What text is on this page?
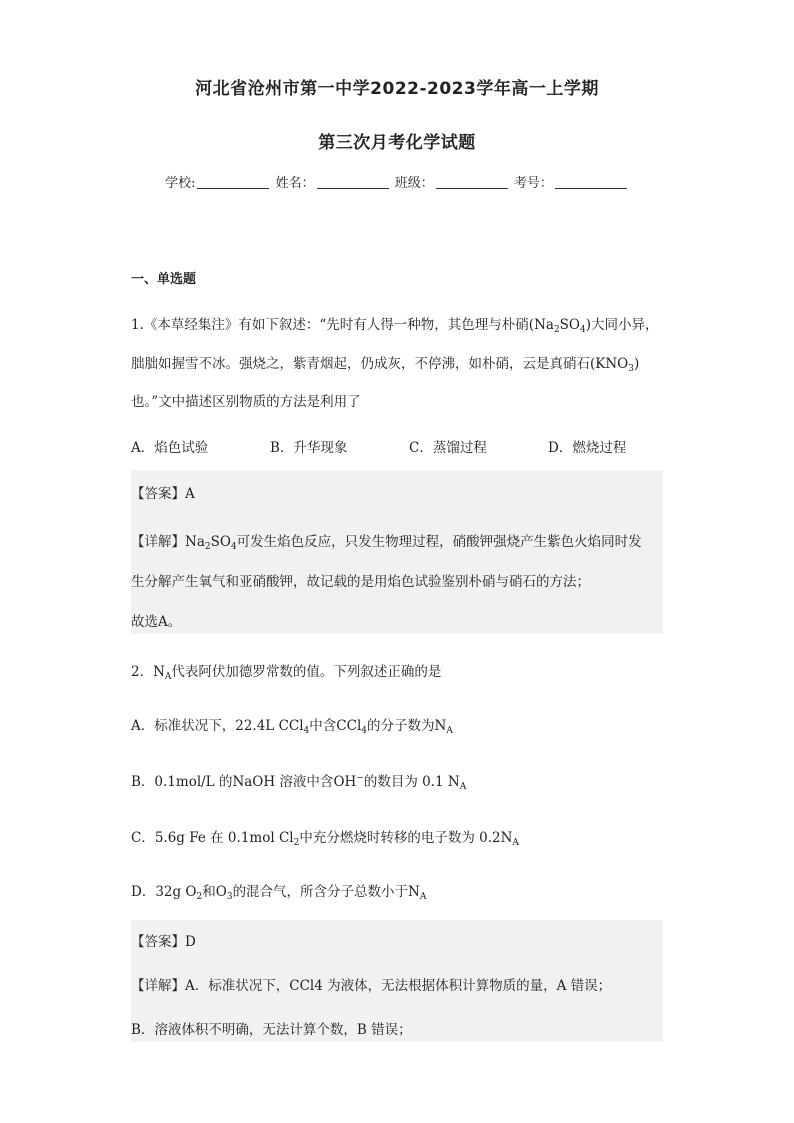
河北省沧州市第一中学2022-2023学年高一上学期
第三次月考化学试题
学校:	姓名：	班级：	考号：
一、单选题
1.《本草经集注》有如下叙述：“先时有人得一种物，其色理与朴硝$(Na_2SO_4)$大同小异，
朏朏如握雪不冰。强烧之，紫青烟起，仍成灰，不停沸，如朴硝，云是真硝石$(KNO_3)$
也。”文中描述区别物质的方法是利用了
A．焰色试验	B．升华现象	C．蒸馏过程	D．燃烧过程
【答案】A
【详解】$Na_2SO_4$可发生焰色反应，只发生物理过程，硝酸钾强烧产生紫色火焰同时发
生分解产生氧气和亚硝酸钾，故记载的是用焰色试验鉴别朴硝与硝石的方法；
故选A。
2．$N_A$代表阿伏加德罗常数的值。下列叙述正确的是
A．标准状况下，22.4L CCl$_4$中含CCl$_4$的分子数为$N_A$
B．0.1mol/L 的NaOH 溶液中含OH−的数目为 0.1 $N_A$
C．5.6g Fe 在 0.1mol $Cl_2$中充分燃烧时转移的电子数为 $0.2N_A$
D．32g $O_2$和$O_3$的混合气，所含分子总数小于$N_A$
【答案】D
【详解】A．标准状况下，CCl4 为液体，无法根据体积计算物质的量，A 错误；
B．溶液体积不明确，无法计算个数，B 错误；
